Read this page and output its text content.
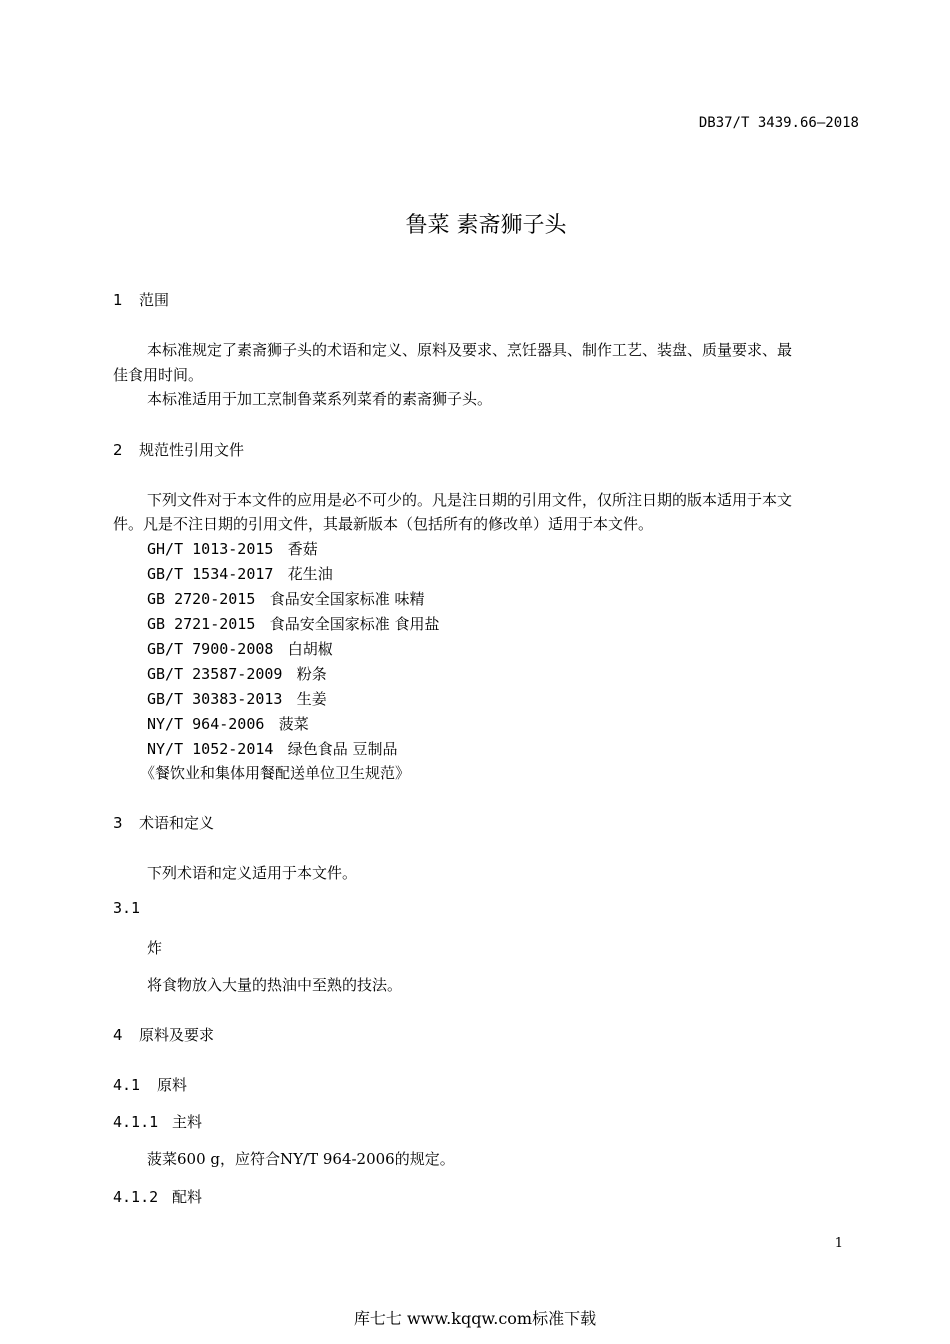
DB37/T 3439.66—2018
鲁菜 素斋狮子头
1 范围
本标准规定了素斋狮子头的术语和定义、原料及要求、烹饪器具、制作工艺、装盘、质量要求、最
佳食用时间。
本标准适用于加工烹制鲁菜系列菜肴的素斋狮子头。
2 规范性引用文件
下列文件对于本文件的应用是必不可少的。凡是注日期的引用文件，仅所注日期的版本适用于本文
件。凡是不注日期的引用文件，其最新版本（包括所有的修改单）适用于本文件。
GH/T 1013-2015 香菇
GB/T 1534-2017 花生油
GB 2720-2015 食品安全国家标准 味精
GB 2721-2015 食品安全国家标准 食用盐
GB/T 7900-2008 白胡椒
GB/T 23587-2009 粉条
GB/T 30383-2013 生姜
NY/T 964-2006 菠菜
NY/T 1052-2014 绿色食品 豆制品
《餐饮业和集体用餐配送单位卫生规范》
3 术语和定义
下列术语和定义适用于本文件。
3.1
炸
将食物放入大量的热油中至熟的技法。
4 原料及要求
4.1 原料
4.1.1 主料
菠菜600 g，应符合NY/T 964-2006的规定。
4.1.2 配料
1
库七七 www.kqqw.com标准下载
